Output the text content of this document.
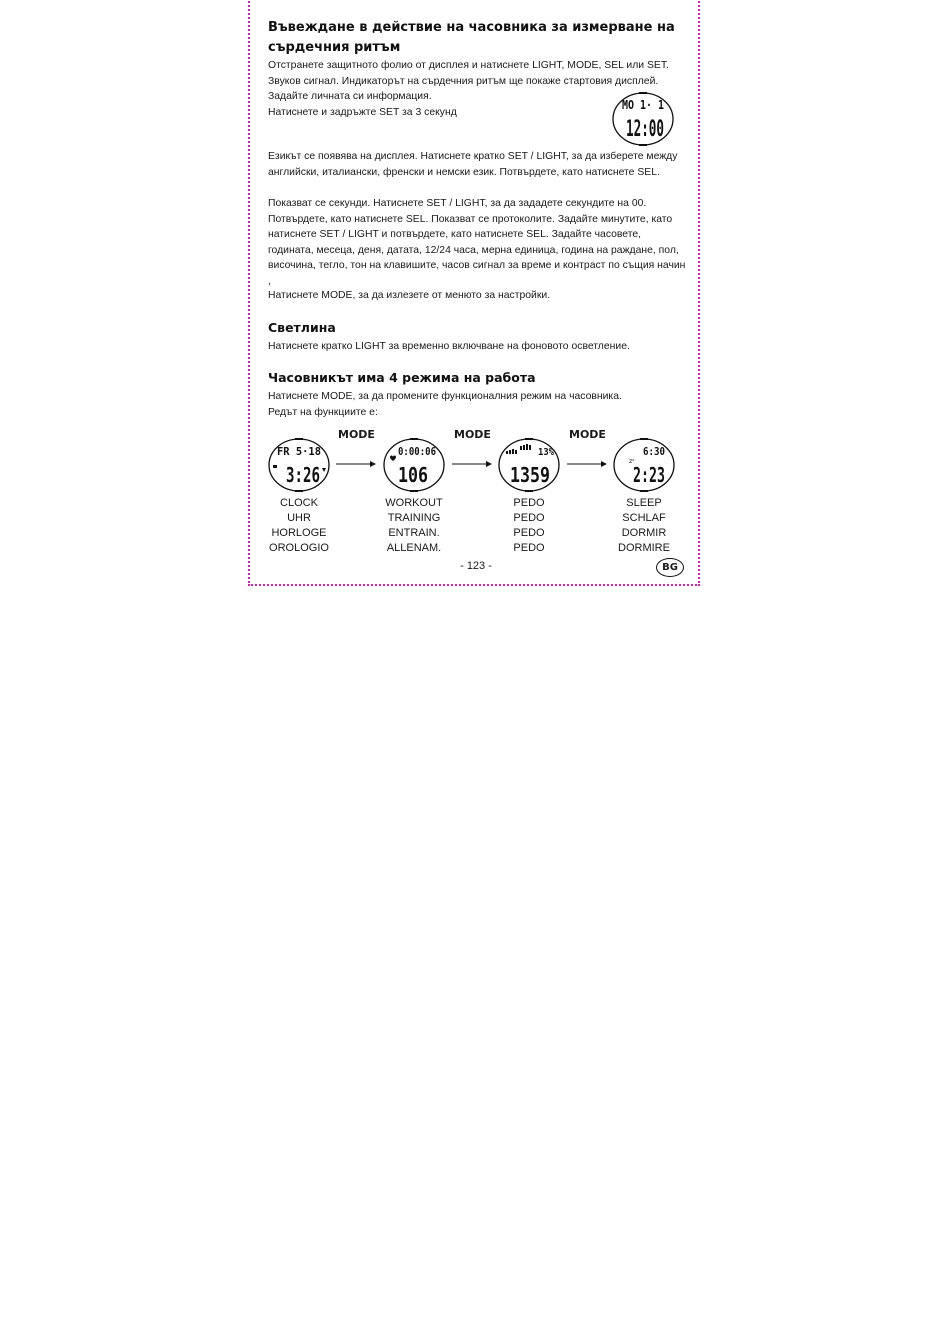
Въвеждане в действие на часовника за измерване на сърдечния ритъм

Отстранете защитното фолио от дисплея и натиснете LIGHT, MODE, SEL или SET. Звуков сигнал. Индикаторът на сърдечния ритъм ще покаже стартовия дисплей.

Задайте личната си информация.

Натиснете и задръжте SET за 3 секунд

MO 1· 1
12:00

Езикът се появява на дисплея. Натиснете кратко SET / LIGHT, за да изберете между английски, италиански, френски и немски език. Потвърдете, като натиснете SEL.

Показват се секунди. Натиснете SET / LIGHT, за да зададете секундите на 00. Потвърдете, като натиснете SEL. Показват се протоколите. Задайте минутите, като натиснете SET / LIGHT и потвърдете, като натиснете SEL. Задайте часовете, годината, месеца, деня, датата, 12/24 часа, мерна единица, година на раждане, пол, височина, тегло, тон на клавишите, часов сигнал за време и контраст по същия начин ,

Натиснете MODE, за да излезете от менюто за настройки.

Светлина

Натиснете кратко LIGHT за временно включване на фоновото осветление.

Часовникът има 4 режима на работа

Натиснете MODE, за да промените функционалния режим на часовника.

Редът на функциите е:

FR 5·18
3:26
MODE
0:00:06
106
MODE
13%
1359
MODE
6:30
2:23
zᶻ
CLOCK
UHR
HORLOGE
OROLOGIO
WORKOUT
TRAINING
ENTRAIN.
ALLENAM.
PEDO
PEDO
PEDO
PEDO
SLEEP
SCHLAF
DORMIR
DORMIRE
- 123 -	BG
